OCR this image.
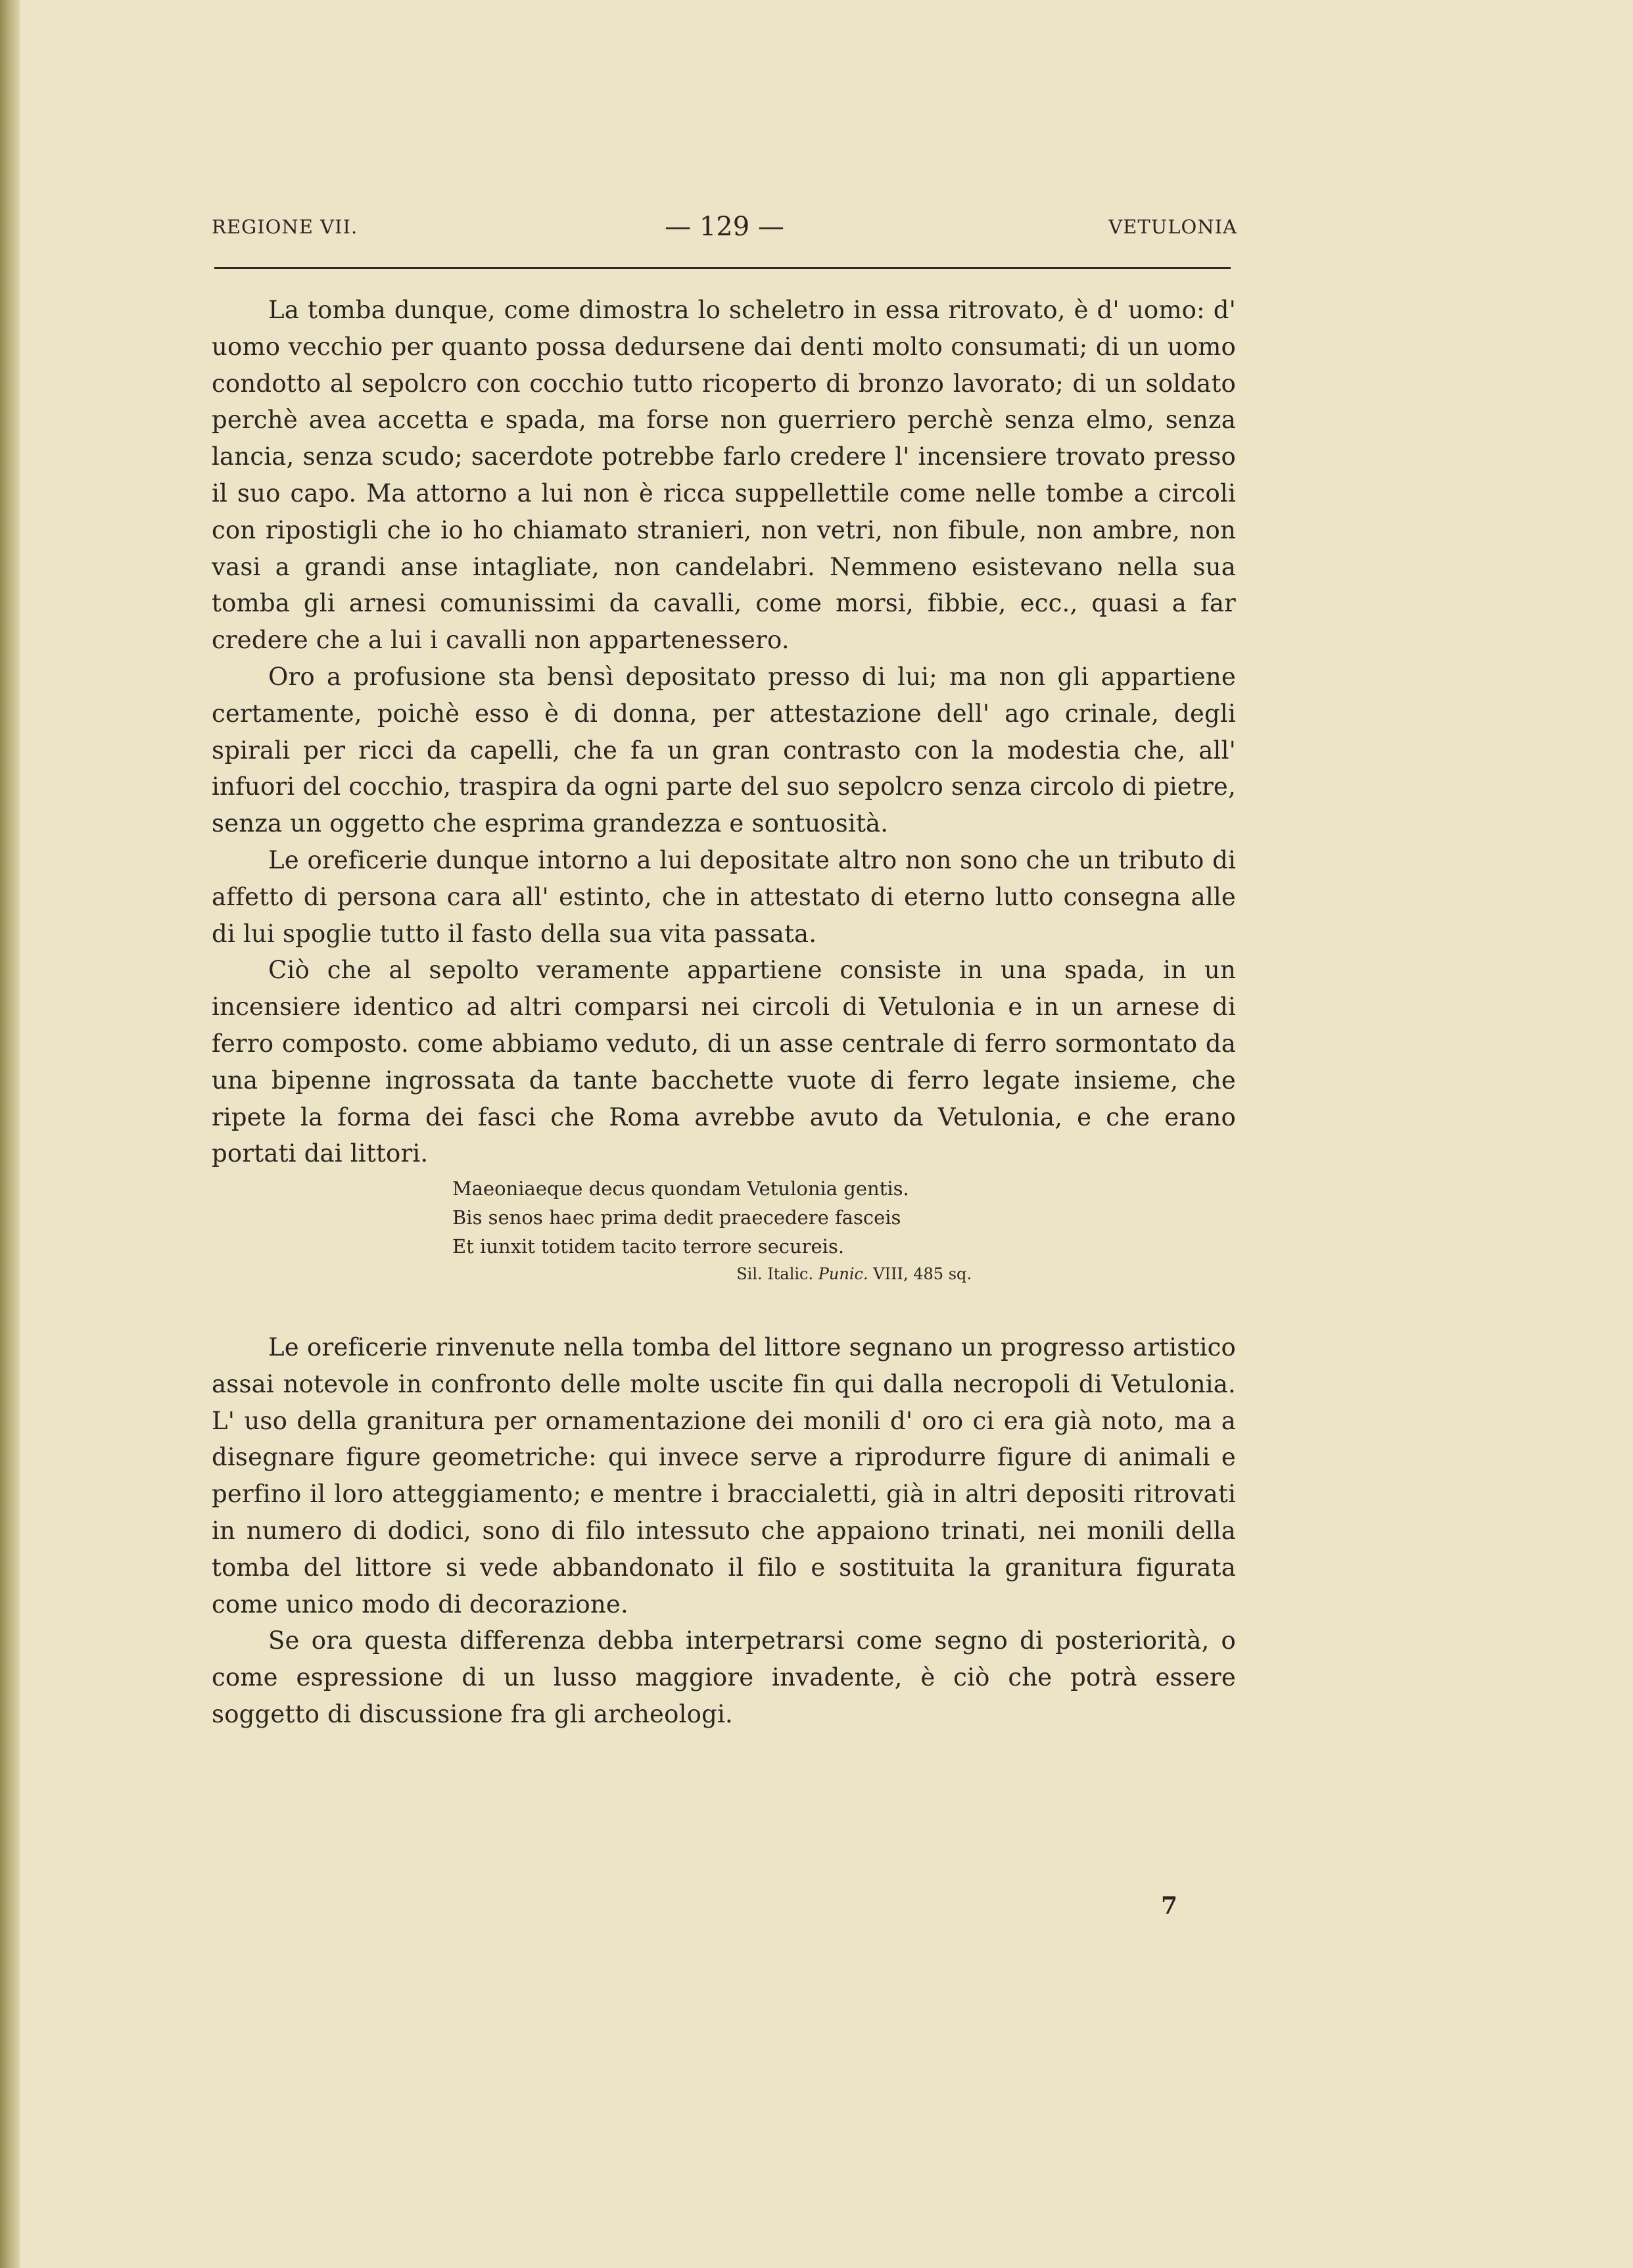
REGIONE VII.	— 129 —	VETULONIA

La tomba dunque, come dimostra lo scheletro in essa ritrovato, è d' uomo: d' uomo vecchio per quanto possa dedursene dai denti molto consumati; di un uomo condotto al sepolcro con cocchio tutto ricoperto di bronzo lavorato; di un soldato perchè avea accetta e spada, ma forse non guerriero perchè senza elmo, senza lancia, senza scudo; sacerdote potrebbe farlo credere l' incensiere trovato presso il suo capo. Ma attorno a lui non è ricca suppellettile come nelle tombe a circoli con ripostigli che io ho chiamato stranieri, non vetri, non fibule, non ambre, non vasi a grandi anse intagliate, non candelabri. Nemmeno esistevano nella sua tomba gli arnesi comunissimi da cavalli, come morsi, fibbie, ecc., quasi a far credere che a lui i cavalli non appartenessero.

Oro a profusione sta bensì depositato presso di lui; ma non gli appartiene certamente, poichè esso è di donna, per attestazione dell' ago crinale, degli spirali per ricci da capelli, che fa un gran contrasto con la modestia che, all' infuori del cocchio, traspira da ogni parte del suo sepolcro senza circolo di pietre, senza un oggetto che esprima grandezza e sontuosità.

Le oreficerie dunque intorno a lui depositate altro non sono che un tributo di affetto di persona cara all' estinto, che in attestato di eterno lutto consegna alle di lui spoglie tutto il fasto della sua vita passata.

Ciò che al sepolto veramente appartiene consiste in una spada, in un incensiere identico ad altri comparsi nei circoli di Vetulonia e in un arnese di ferro composto. come abbiamo veduto, di un asse centrale di ferro sormontato da una bipenne ingrossata da tante bacchette vuote di ferro legate insieme, che ripete la forma dei fasci che Roma avrebbe avuto da Vetulonia, e che erano portati dai littori.

Maeoniaeque decus quondam Vetulonia gentis.
Bis senos haec prima dedit praecedere fasceis
Et iunxit totidem tacito terrore secureis.
Sil. Italic. Punic. VIII, 485 sq.

Le oreficerie rinvenute nella tomba del littore segnano un progresso artistico assai notevole in confronto delle molte uscite fin qui dalla necropoli di Vetulonia. L' uso della granitura per ornamentazione dei monili d' oro ci era già noto, ma a disegnare figure geometriche: qui invece serve a riprodurre figure di animali e perfino il loro atteggiamento; e mentre i braccialetti, già in altri depositi ritrovati in numero di dodici, sono di filo intessuto che appaiono trinati, nei monili della tomba del littore si vede abbandonato il filo e sostituita la granitura figurata come unico modo di decorazione.

Se ora questa differenza debba interpetrarsi come segno di posteriorità, o come espressione di un lusso maggiore invadente, è ciò che potrà essere soggetto di discussione fra gli archeologi.

7
